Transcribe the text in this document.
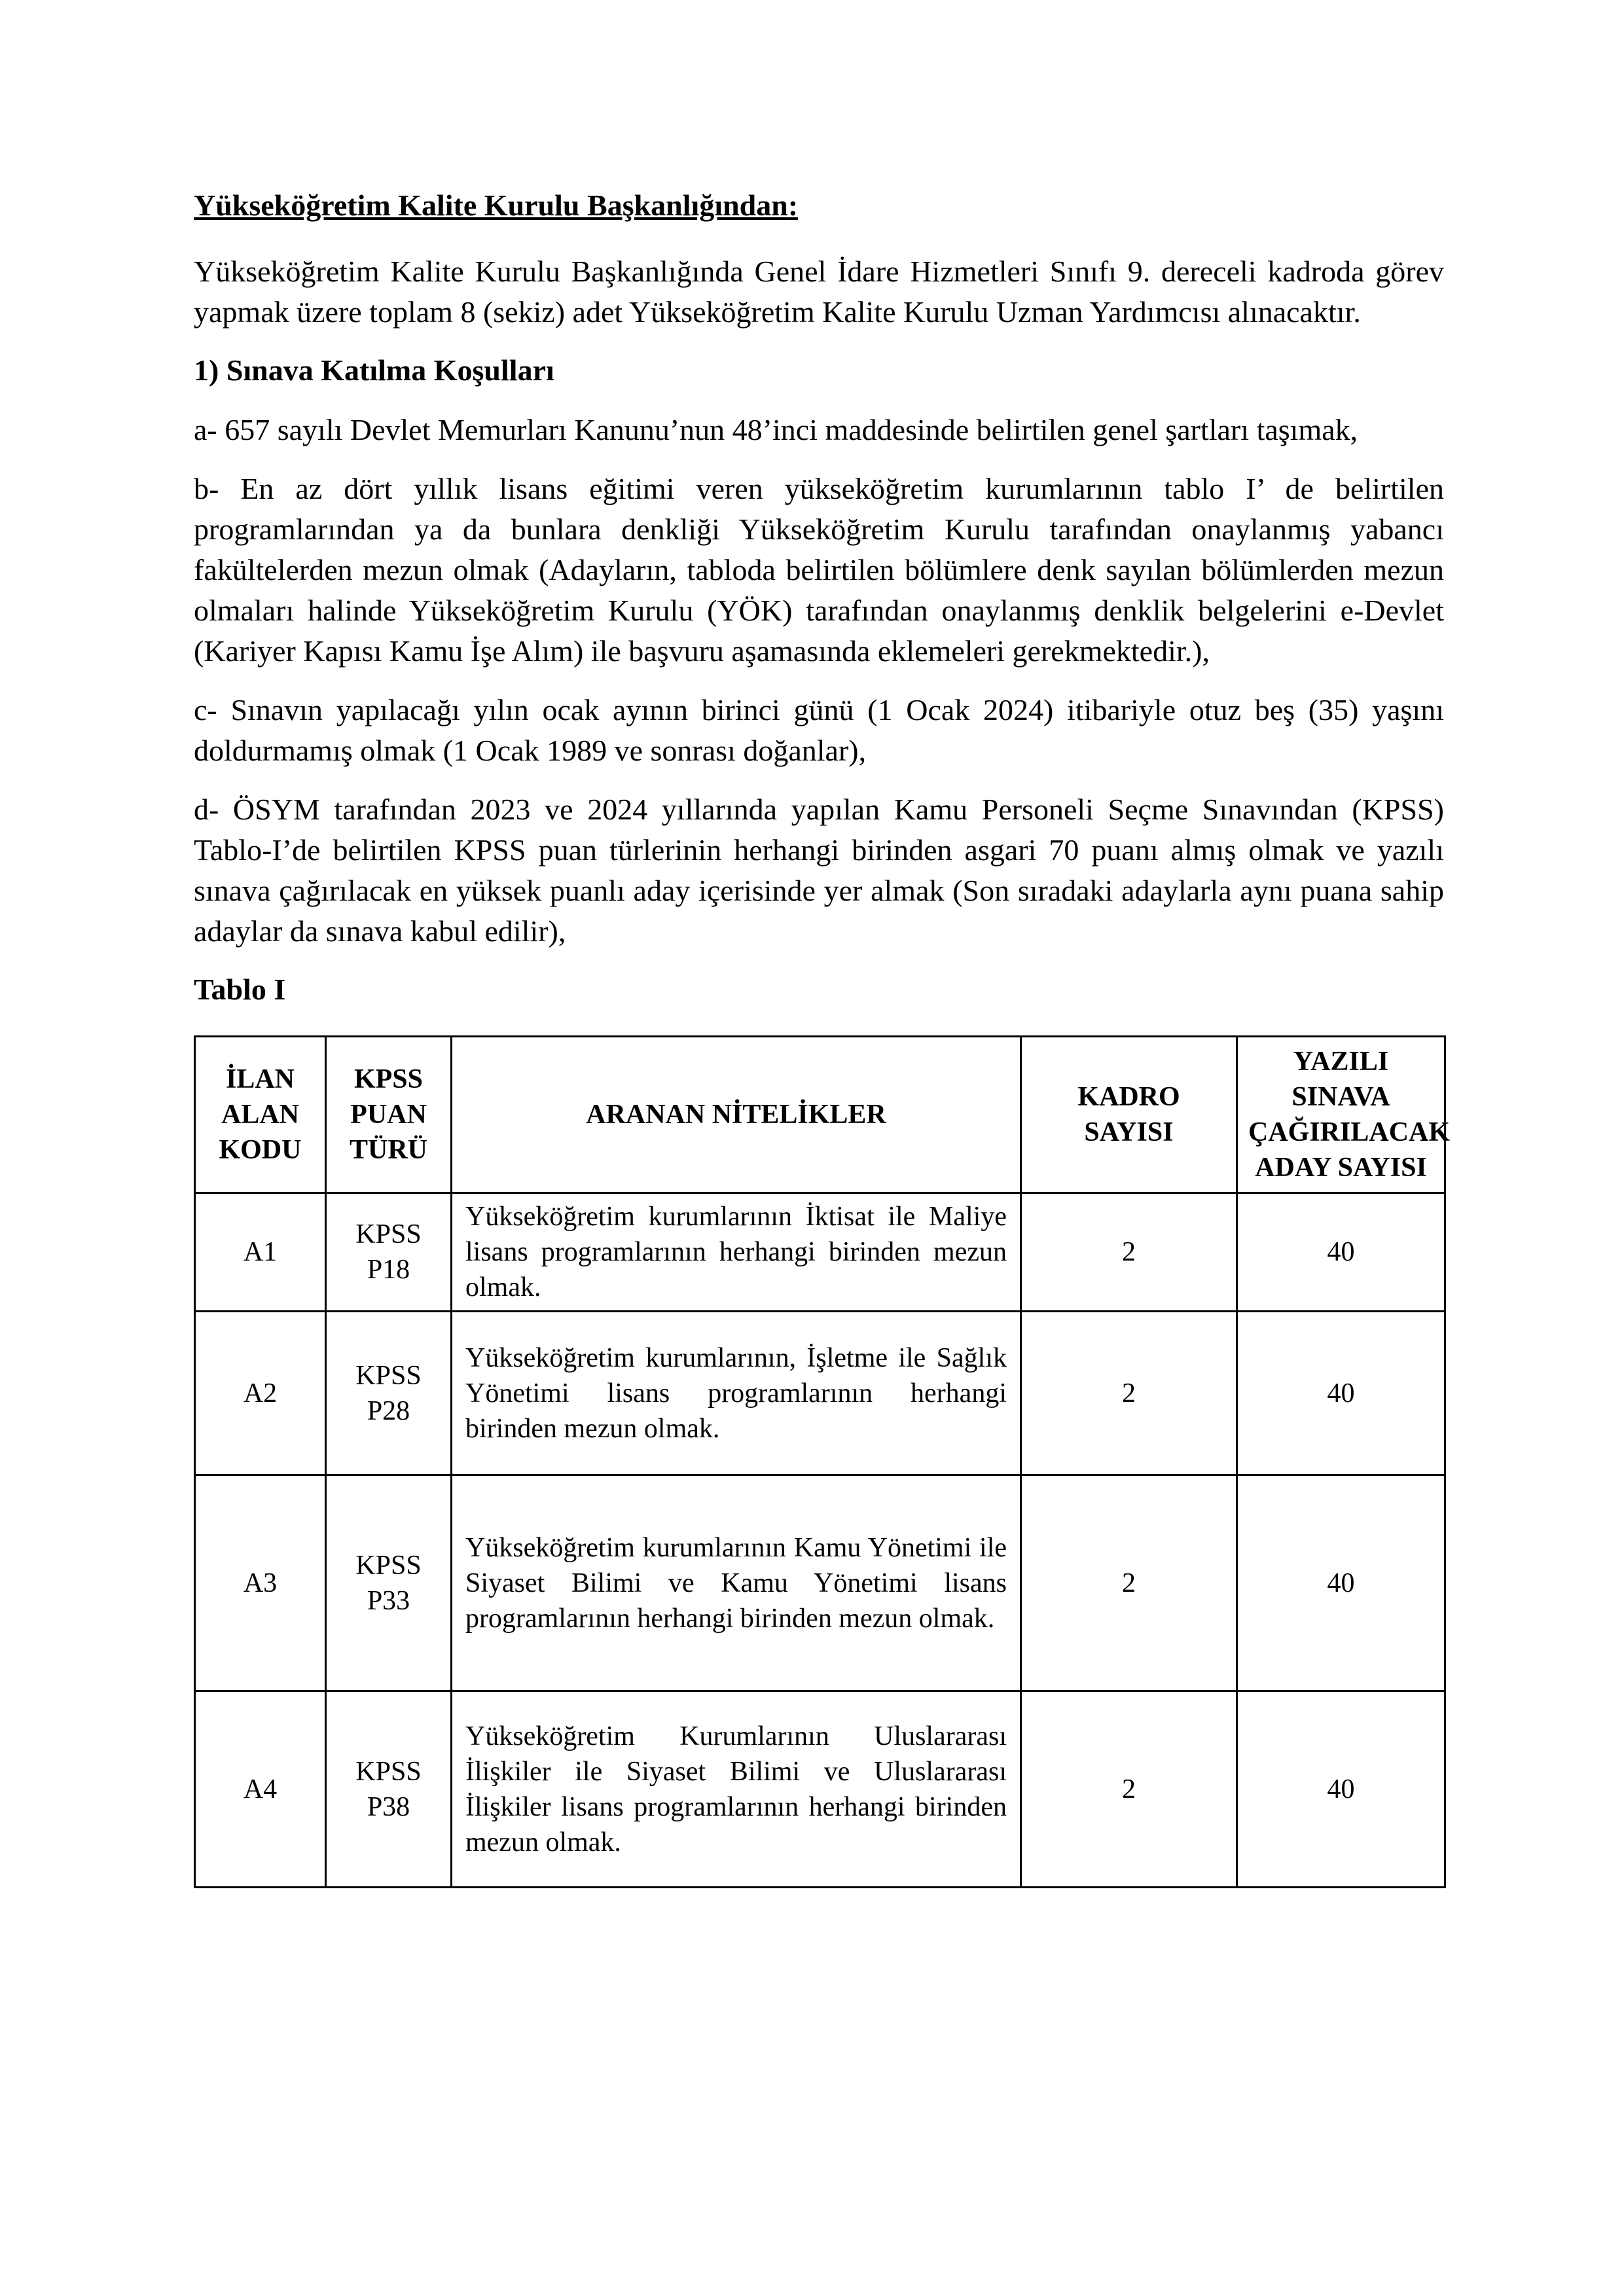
Yükseköğretim Kalite Kurulu Başkanlığından:

Yükseköğretim Kalite Kurulu Başkanlığında Genel İdare Hizmetleri Sınıfı 9. dereceli kadroda görev yapmak üzere toplam 8 (sekiz) adet Yükseköğretim Kalite Kurulu Uzman Yardımcısı alınacaktır.

1) Sınava Katılma Koşulları

a- 657 sayılı Devlet Memurları Kanunu’nun 48’inci maddesinde belirtilen genel şartları taşımak,

b- En az dört yıllık lisans eğitimi veren yükseköğretim kurumlarının tablo I’ de belirtilen programlarından ya da bunlara denkliği Yükseköğretim Kurulu tarafından onaylanmış yabancı fakültelerden mezun olmak (Adayların, tabloda belirtilen bölümlere denk sayılan bölümlerden mezun olmaları halinde Yükseköğretim Kurulu (YÖK) tarafından onaylanmış denklik belgelerini e-Devlet (Kariyer Kapısı Kamu İşe Alım) ile başvuru aşamasında eklemeleri gerekmektedir.),

c- Sınavın yapılacağı yılın ocak ayının birinci günü (1 Ocak 2024) itibariyle otuz beş (35) yaşını doldurmamış olmak (1 Ocak 1989 ve sonrası doğanlar),

d- ÖSYM tarafından 2023 ve 2024 yıllarında yapılan Kamu Personeli Seçme Sınavından (KPSS) Tablo-I’de belirtilen KPSS puan türlerinin herhangi birinden asgari 70 puanı almış olmak ve yazılı sınava çağırılacak en yüksek puanlı aday içerisinde yer almak (Son sıradaki adaylarla aynı puana sahip adaylar da sınava kabul edilir),

Tablo I
İLAN
ALAN
KODU	KPSS
PUAN
TÜRÜ	ARANAN NİTELİKLER	KADRO
SAYISI	YAZILI SINAVA
ÇAĞIRILACAK
ADAY SAYISI
A1	KPSS
P18	Yükseköğretim kurumlarının İktisat ile Maliye lisans programlarının herhangi birinden mezun olmak.	2	40
A2	KPSS
P28	Yükseköğretim kurumlarının, İşletme ile Sağlık Yönetimi lisans programlarının herhangi birinden mezun olmak.	2	40
A3	KPSS
P33	Yükseköğretim kurumlarının Kamu Yönetimi ile Siyaset Bilimi ve Kamu Yönetimi lisans programlarının herhangi birinden mezun olmak.	2	40
A4	KPSS
P38	Yükseköğretim Kurumlarının Uluslararası İlişkiler ile Siyaset Bilimi ve Uluslararası İlişkiler lisans programlarının herhangi birinden mezun olmak.	2	40
